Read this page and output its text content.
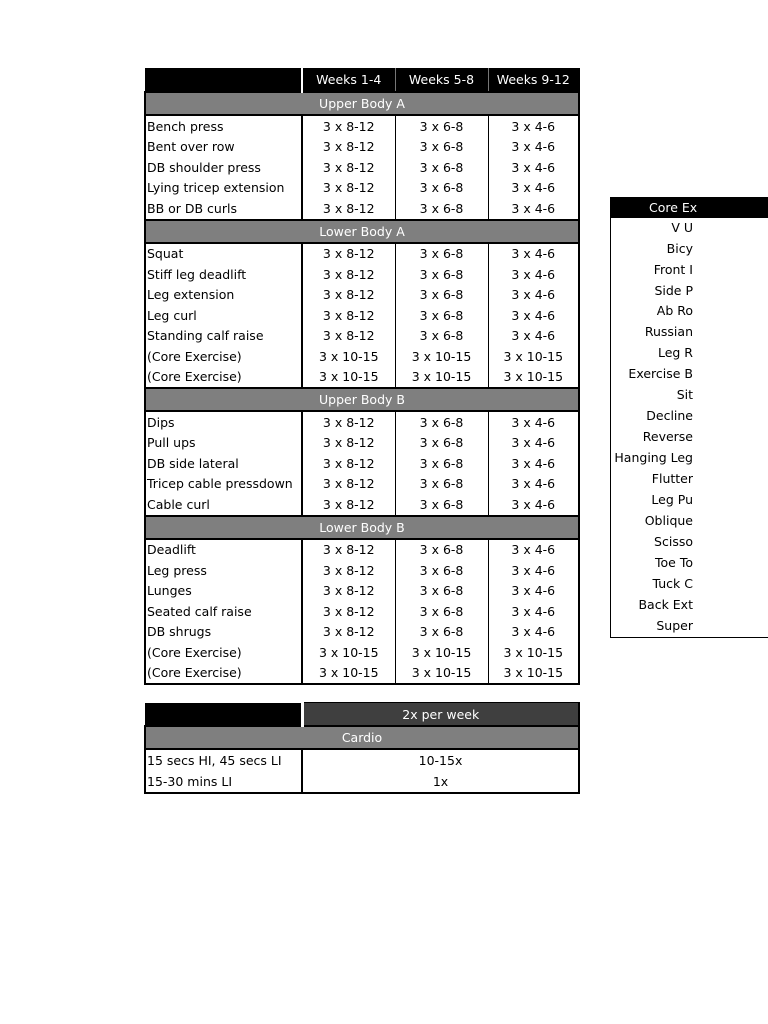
	Weeks 1-4	Weeks 5-8	Weeks 9-12
Upper Body A			
Bench press	3 x 8-12	3 x 6-8	3 x 4-6
Bent over row	3 x 8-12	3 x 6-8	3 x 4-6
DB shoulder press	3 x 8-12	3 x 6-8	3 x 4-6
Lying tricep extension	3 x 8-12	3 x 6-8	3 x 4-6
BB or DB curls	3 x 8-12	3 x 6-8	3 x 4-6
Lower Body A			
Squat	3 x 8-12	3 x 6-8	3 x 4-6
Stiff leg deadlift	3 x 8-12	3 x 6-8	3 x 4-6
Leg extension	3 x 8-12	3 x 6-8	3 x 4-6
Leg curl	3 x 8-12	3 x 6-8	3 x 4-6
Standing calf raise	3 x 8-12	3 x 6-8	3 x 4-6
(Core Exercise)	3 x 10-15	3 x 10-15	3 x 10-15
(Core Exercise)	3 x 10-15	3 x 10-15	3 x 10-15
Upper Body B			
Dips	3 x 8-12	3 x 6-8	3 x 4-6
Pull ups	3 x 8-12	3 x 6-8	3 x 4-6
DB side lateral	3 x 8-12	3 x 6-8	3 x 4-6
Tricep cable pressdown	3 x 8-12	3 x 6-8	3 x 4-6
Cable curl	3 x 8-12	3 x 6-8	3 x 4-6
Lower Body B			
Deadlift	3 x 8-12	3 x 6-8	3 x 4-6
Leg press	3 x 8-12	3 x 6-8	3 x 4-6
Lunges	3 x 8-12	3 x 6-8	3 x 4-6
Seated calf raise	3 x 8-12	3 x 6-8	3 x 4-6
DB shrugs	3 x 8-12	3 x 6-8	3 x 4-6
(Core Exercise)	3 x 10-15	3 x 10-15	3 x 10-15
(Core Exercise)	3 x 10-15	3 x 10-15	3 x 10-15
	2x per week
Cardio	
15 secs HI, 45 secs LI	10-15x
15-30 mins LI	1x
Core Ex
V U
Bicy
Front I
Side P
Ab Ro
Russian
Leg R
Exercise B
Sit
Decline
Reverse
Hanging Leg
Flutter
Leg Pu
Oblique
Scisso
Toe To
Tuck C
Back Ext
Super
